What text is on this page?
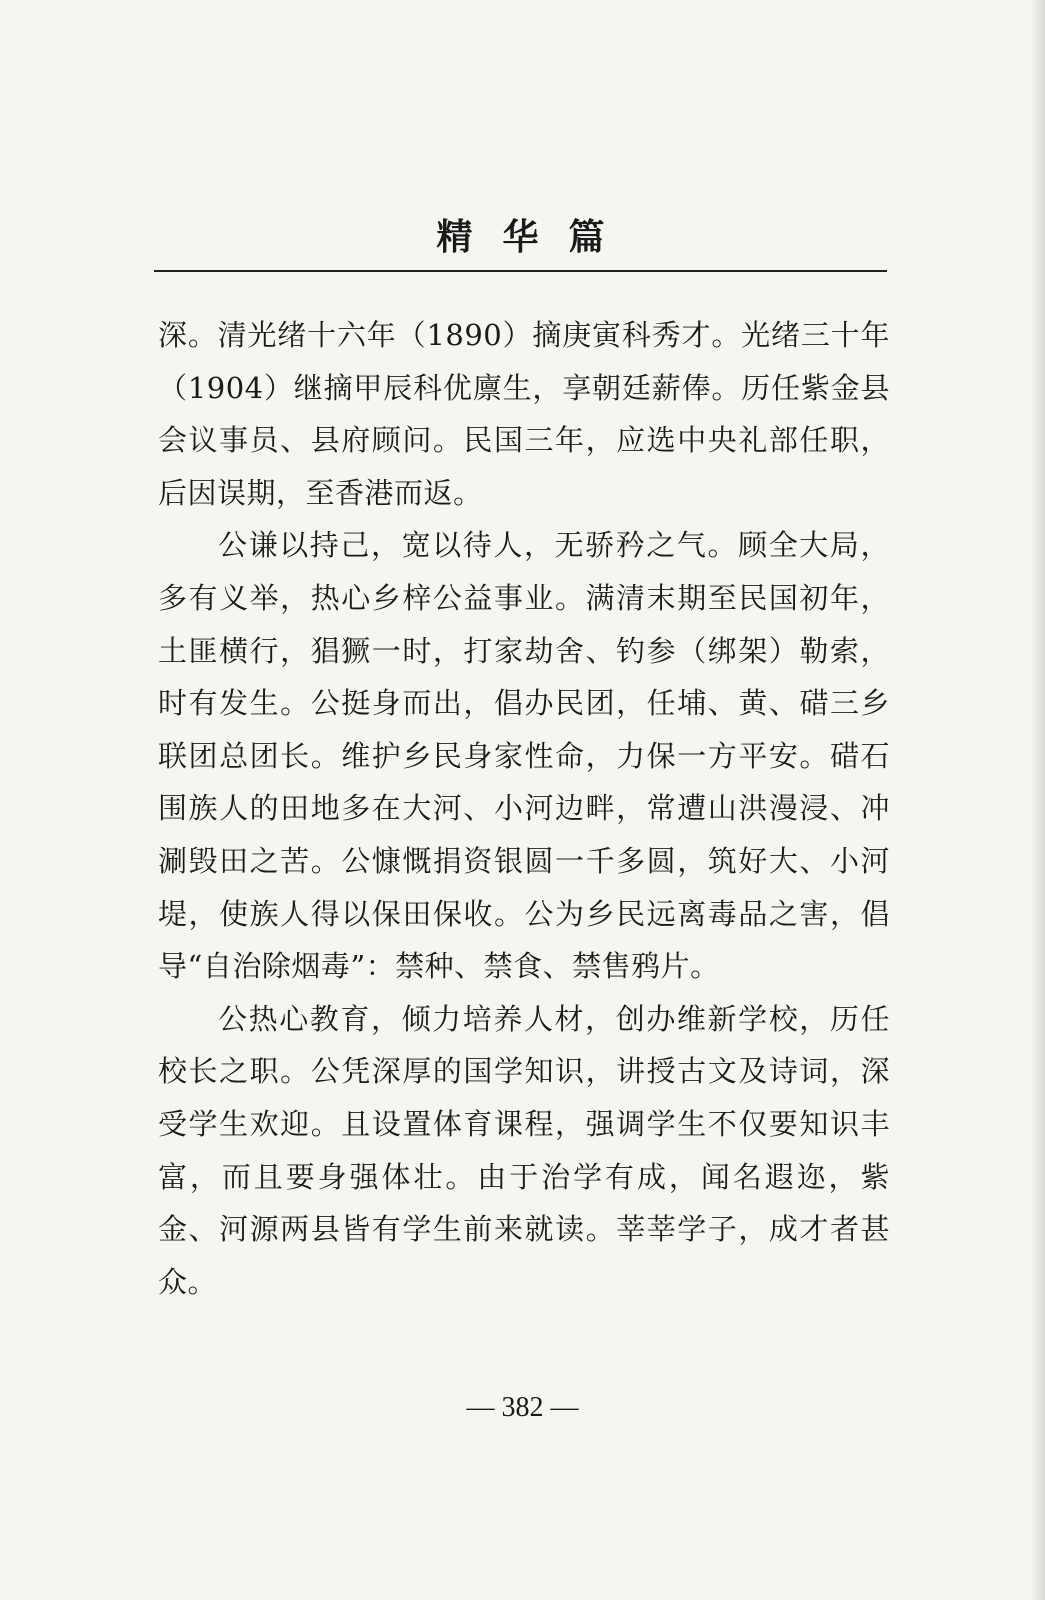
精华篇

深。清光绪十六年（1890）摘庚寅科秀才。光绪三十年（1904）继摘甲辰科优廪生，享朝廷薪俸。历任紫金县会议事员、县府顾问。民国三年，应选中央礼部任职，后因误期，至香港而返。

公谦以持己，宽以待人，无骄矜之气。顾全大局，多有义举，热心乡梓公益事业。满清末期至民国初年，土匪横行，猖獗一时，打家劫舍、钓参（绑架）勒索，时有发生。公挺身而出，倡办民团，任埔、黄、碏三乡联团总团长。维护乡民身家性命，力保一方平安。碏石围族人的田地多在大河、小河边畔，常遭山洪漫浸、冲涮毁田之苦。公慷慨捐资银圆一千多圆，筑好大、小河堤，使族人得以保田保收。公为乡民远离毒品之害，倡导“自治除烟毒”：禁种、禁食、禁售鸦片。

公热心教育，倾力培养人材，创办维新学校，历任校长之职。公凭深厚的国学知识，讲授古文及诗词，深受学生欢迎。且设置体育课程，强调学生不仅要知识丰富，而且要身强体壮。由于治学有成，闻名遐迩，紫金、河源两县皆有学生前来就读。莘莘学子，成才者甚众。

— 382 —
